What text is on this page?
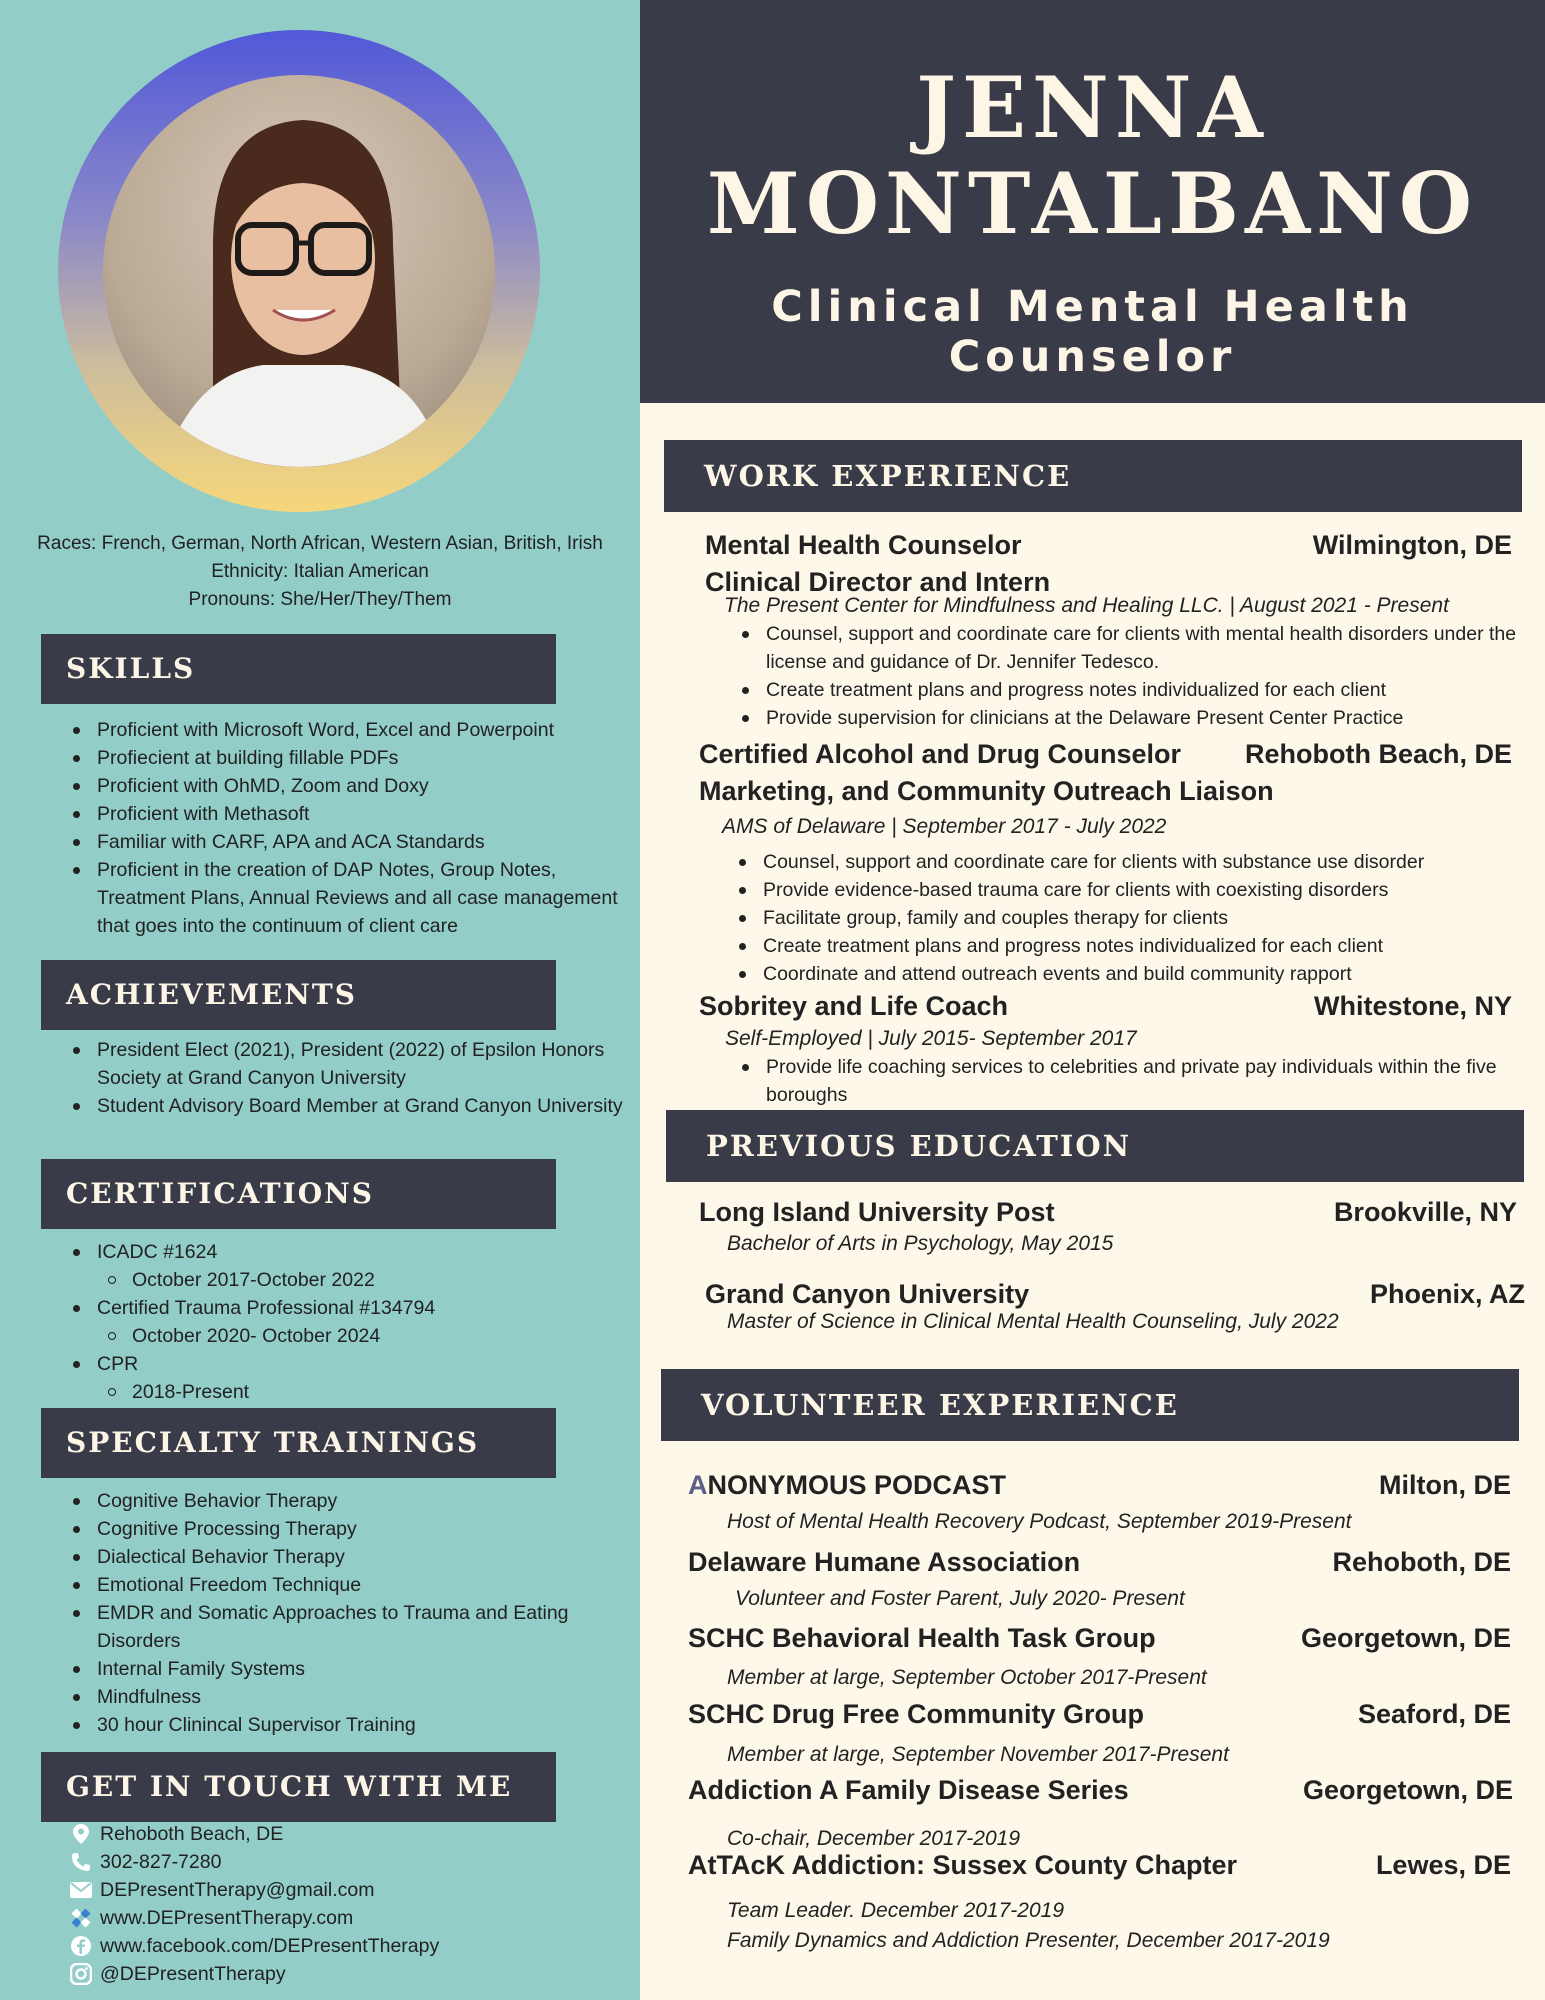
JENNA
MONTALBANO
Clinical Mental Health Counselor
Races: French, German, North African, Western Asian, British, Irish
Ethnicity: Italian American
Pronouns: She/Her/They/Them
SKILLS
Proficient with Microsoft Word, Excel and Powerpoint
Profiecient at building fillable PDFs
Proficient with OhMD, Zoom and Doxy
Proficient with Methasoft
Familiar with CARF, APA and ACA Standards
Proficient in the creation of DAP Notes, Group Notes, Treatment Plans, Annual Reviews and all case management that goes into the continuum of client care
ACHIEVEMENTS
President Elect (2021), President (2022) of Epsilon Honors Society at Grand Canyon University
Student Advisory Board Member at Grand Canyon University
CERTIFICATIONS
ICADC #1624
October 2017-October 2022
Certified Trauma Professional #134794
October 2020- October 2024
CPR
2018-Present
SPECIALTY TRAININGS
Cognitive Behavior Therapy
Cognitive Processing Therapy
Dialectical Behavior Therapy
Emotional Freedom Technique
EMDR and Somatic Approaches to Trauma and Eating Disorders
Internal Family Systems
Mindfulness
30 hour Clinincal Supervisor Training
GET IN TOUCH WITH ME
Rehoboth Beach, DE
302-827-7280
DEPresentTherapy@gmail.com
www.DEPresentTherapy.com
www.facebook.com/DEPresentTherapy
@DEPresentTherapy
WORK EXPERIENCE
Mental Health Counselor	Wilmington, DE
Clinical Director and Intern
The Present Center for Mindfulness and Healing LLC. | August 2021 - Present
Counsel, support and coordinate care for clients with mental health disorders under the license and guidance of Dr. Jennifer Tedesco.
Create treatment plans and progress notes individualized for each client
Provide supervision for clinicians at the Delaware Present Center Practice
Certified Alcohol and Drug Counselor	Rehoboth Beach, DE
Marketing, and Community Outreach Liaison
AMS of Delaware | September 2017 - July 2022
Counsel, support and coordinate care for clients with substance use disorder
Provide evidence-based trauma care for clients with coexisting disorders
Facilitate group, family and couples therapy for clients
Create treatment plans and progress notes individualized for each client
Coordinate and attend outreach events and build community rapport
Sobritey and Life Coach	Whitestone, NY
Self-Employed | July 2015- September 2017
Provide life coaching services to celebrities and private pay individuals within the five boroughs
PREVIOUS EDUCATION
Long Island University Post	Brookville, NY
Bachelor of Arts in Psychology, May 2015
Grand Canyon University	Phoenix, AZ
Master of Science in Clinical Mental Health Counseling, July 2022
VOLUNTEER EXPERIENCE
ANONYMOUS PODCAST	Milton, DE
Host of Mental Health Recovery Podcast, September 2019-Present
Delaware Humane Association	Rehoboth, DE
Volunteer and Foster Parent, July 2020- Present
SCHC Behavioral Health Task Group	Georgetown, DE
Member at large, September October 2017-Present
SCHC Drug Free Community Group	Seaford, DE
Member at large, September November 2017-Present
Addiction A Family Disease Series	Georgetown, DE
Co-chair, December 2017-2019
AtTAcK Addiction: Sussex County Chapter	Lewes, DE
Team Leader. December 2017-2019
Family Dynamics and Addiction Presenter, December 2017-2019
